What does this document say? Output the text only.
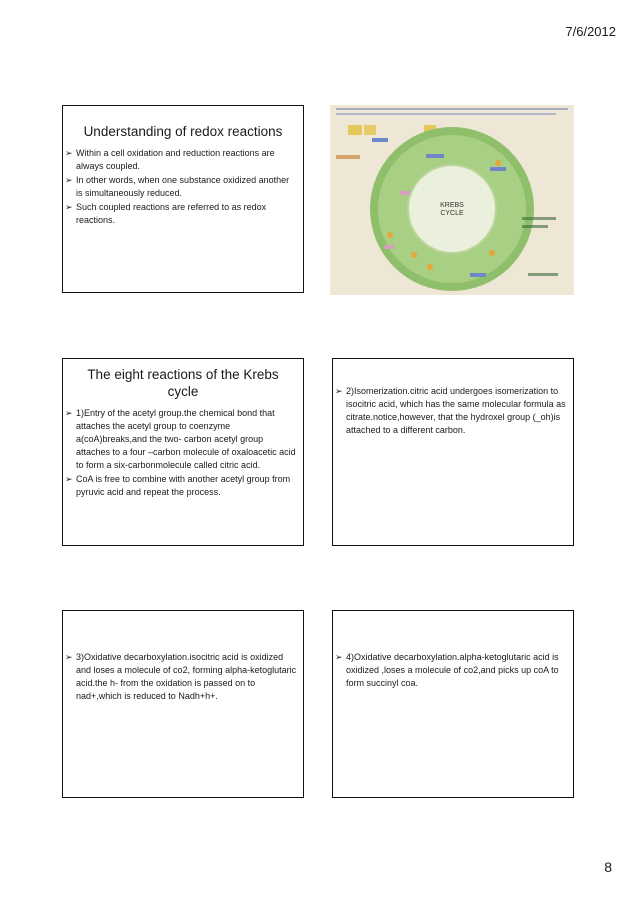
7/6/2012
Understanding of redox reactions
➢ Within a cell oxidation and reduction reactions are always coupled.
➢ In other words, when one substance oxidized another is simultaneously reduced.
➢ Such coupled reactions are referred to as redox reactions.
KREBS
CYCLE
The eight reactions of the Krebs cycle
➢ 1)Entry of the acetyl group.the chemical bond that attaches the acetyl group to coenzyme a(coA)breaks,and the two- carbon acetyl group attaches to a four –carbon molecule of oxaloacetic acid to form a six-carbonmolecule called citric acid.
➢ CoA is free to combine with another acetyl group from pyruvic acid and repeat the process.
➢ 2)Isomerization.citric acid undergoes isomerization to isocitric acid, which has the same molecular formula as citrate.notice,however, that the hydroxel group (_oh)is attached to a different carbon.
➢ 3)Oxidative decarboxylation.isocitric acid is oxidized and loses a molecule of co2, forming alpha-ketoglutaric acid.the h- from the oxidation is passed on to nad+,which is reduced to Nadh+h+.
➢ 4)Oxidative decarboxylation.alpha-ketoglutaric acid is oxidized ,loses a molecule of co2,and picks up coA to form succinyl coa.
8
